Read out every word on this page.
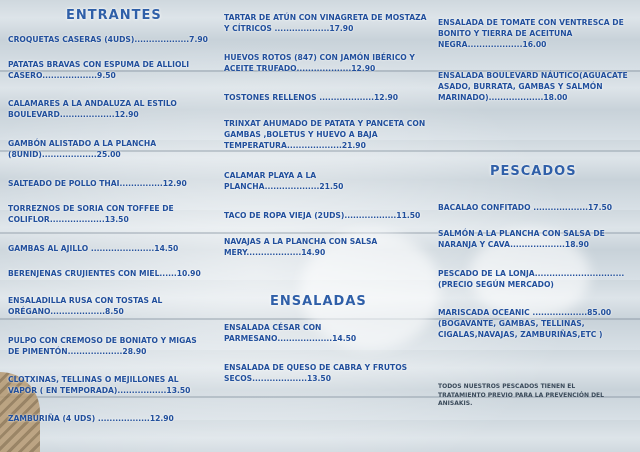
ENTRANTES

CROQUETAS CASERAS (4UDS)...................7.90

PATATAS BRAVAS CON ESPUMA DE ALLIOLI
CASERO...................9.50

CALAMARES A LA ANDALUZA AL ESTILO
BOULEVARD...................12.90

GAMBÓN ALISTADO A LA PLANCHA
(8UNID)...................25.00

SALTEADO DE POLLO THAI...............12.90

TORREZNOS DE SORIA CON TOFFEE DE
COLIFLOR...................13.50

GAMBAS AL AJILLO ......................14.50

BERENJENAS CRUJIENTES CON MIEL......10.90

ENSALADILLA RUSA CON TOSTAS AL
ORÉGANO...................8.50

PULPO CON CREMOSO DE BONIATO Y MIGAS
DE PIMENTÓN...................28.90

CLOTXINAS, TELLINAS O MEJILLONES AL
VAPOR ( EN TEMPORADA).................13.50

ZAMBURIÑA (4 UDS) ..................12.90

TARTAR DE ATÚN CON VINAGRETA DE MOSTAZA
Y CÍTRICOS ...................17.90

HUEVOS ROTOS (847) CON JAMÓN IBÉRICO Y
ACEITE TRUFADO...................12.90

TOSTONES RELLENOS ...................12.90

TRINXAT AHUMADO DE PATATA Y PANCETA CON
GAMBAS ,BOLETUS Y HUEVO A BAJA
TEMPERATURA...................21.90

CALAMAR PLAYA A LA
PLANCHA...................21.50

TACO DE ROPA VIEJA (2UDS)..................11.50

NAVAJAS A LA PLANCHA CON SALSA
MERY...................14.90

ENSALADAS

ENSALADA CÉSAR CON
PARMESANO...................14.50

ENSALADA DE QUESO DE CABRA Y FRUTOS
SECOS...................13.50

ENSALADA DE TOMATE CON VENTRESCA DE
BONITO Y TIERRA DE ACEITUNA
NEGRA...................16.00

ENSALADA BOULEVARD NÁUTICO(AGUACATE
ASADO, BURRATA, GAMBAS Y SALMÓN
MARINADO)...................18.00

PESCADOS

BACALAO CONFITADO ...................17.50

SALMÓN A LA PLANCHA CON SALSA DE
NARANJA Y CAVA...................18.90

PESCADO DE LA LONJA...............................
(PRECIO SEGÚN MERCADO)

MARISCADA OCEANIC ...................85.00
(BOGAVANTE, GAMBAS, TELLINAS,
CIGALAS,NAVAJAS, ZAMBURIÑAS,ETC )

TODOS NUESTROS PESCADOS TIENEN EL
TRATAMIENTO PREVIO PARA LA PREVENCIÓN DEL
ANISAKIS.
